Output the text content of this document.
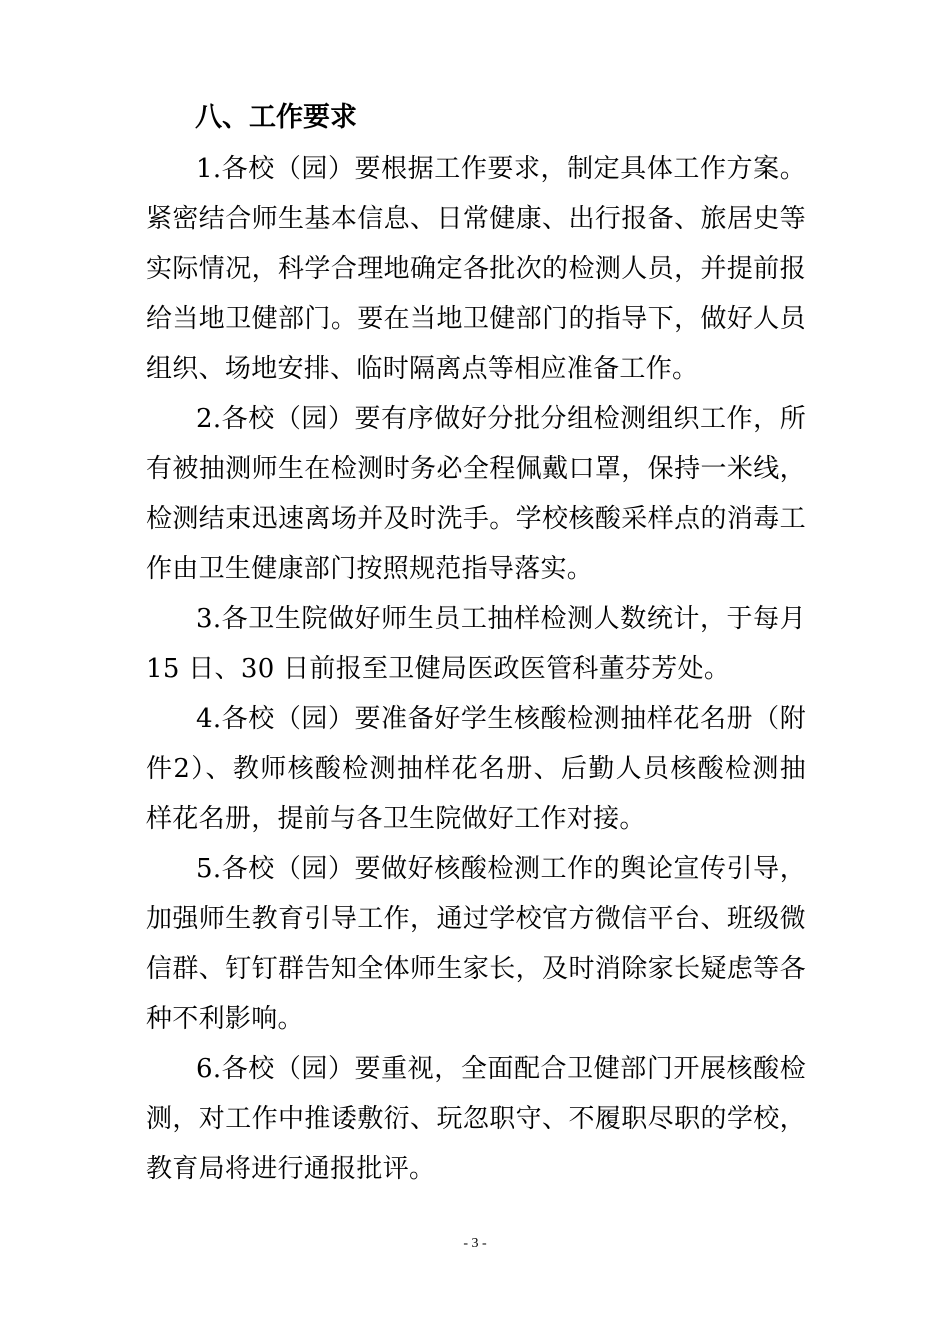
八、工作要求

1.各校（园）要根据工作要求，制定具体工作方案。紧密结合师生基本信息、日常健康、出行报备、旅居史等实际情况，科学合理地确定各批次的检测人员，并提前报给当地卫健部门。要在当地卫健部门的指导下，做好人员组织、场地安排、临时隔离点等相应准备工作。

2.各校（园）要有序做好分批分组检测组织工作，所有被抽测师生在检测时务必全程佩戴口罩，保持一米线，检测结束迅速离场并及时洗手。学校核酸采样点的消毒工作由卫生健康部门按照规范指导落实。

3.各卫生院做好师生员工抽样检测人数统计，于每月 15 日、30 日前报至卫健局医政医管科董芬芳处。

4.各校（园）要准备好学生核酸检测抽样花名册（附件2）、教师核酸检测抽样花名册、后勤人员核酸检测抽样花名册，提前与各卫生院做好工作对接。

5.各校（园）要做好核酸检测工作的舆论宣传引导，加强师生教育引导工作，通过学校官方微信平台、班级微信群、钉钉群告知全体师生家长，及时消除家长疑虑等各种不利影响。

6.各校（园）要重视，全面配合卫健部门开展核酸检测，对工作中推诿敷衍、玩忽职守、不履职尽职的学校，教育局将进行通报批评。

- 3 -
